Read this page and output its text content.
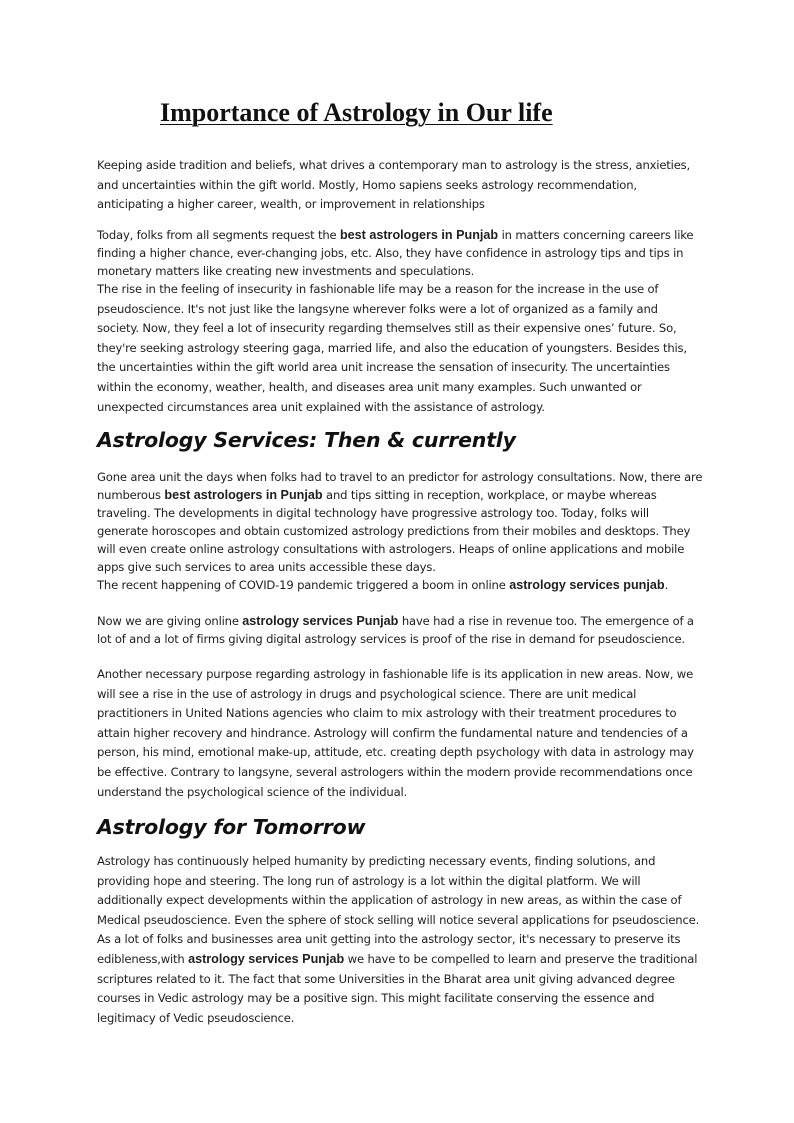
Importance of Astrology in Our life

Keeping aside tradition and beliefs, what drives a contemporary man to astrology is the stress, anxieties, and uncertainties within the gift world. Mostly, Homo sapiens seeks astrology recommendation, anticipating a higher career, wealth, or improvement in relationships

Today, folks from all segments request the best astrologers in Punjab in matters concerning careers like finding a higher chance, ever-changing jobs, etc. Also, they have confidence in astrology tips and tips in monetary matters like creating new investments and speculations.

The rise in the feeling of insecurity in fashionable life may be a reason for the increase in the use of pseudoscience. It's not just like the langsyne wherever folks were a lot of organized as a family and society. Now, they feel a lot of insecurity regarding themselves still as their expensive ones’ future. So, they're seeking astrology steering gaga, married life, and also the education of youngsters. Besides this, the uncertainties within the gift world area unit increase the sensation of insecurity. The uncertainties within the economy, weather, health, and diseases area unit many examples. Such unwanted or unexpected circumstances area unit explained with the assistance of astrology.

Astrology Services: Then & currently

Gone area unit the days when folks had to travel to an predictor for astrology consultations. Now, there are numberous best astrologers in Punjab and tips sitting in reception, workplace, or maybe whereas traveling. The developments in digital technology have progressive astrology too. Today, folks will generate horoscopes and obtain customized astrology predictions from their mobiles and desktops. They will even create online astrology consultations with astrologers. Heaps of online applications and mobile apps give such services to area units accessible these days.

The recent happening of COVID-19 pandemic triggered a boom in online astrology services punjab.

Now we are giving online astrology services Punjab have had a rise in revenue too. The emergence of a lot of and a lot of firms giving digital astrology services is proof of the rise in demand for pseudoscience.

Another necessary purpose regarding astrology in fashionable life is its application in new areas. Now, we will see a rise in the use of astrology in drugs and psychological science. There are unit medical practitioners in United Nations agencies who claim to mix astrology with their treatment procedures to attain higher recovery and hindrance. Astrology will confirm the fundamental nature and tendencies of a person, his mind, emotional make-up, attitude, etc. creating depth psychology with data in astrology may be effective. Contrary to langsyne, several astrologers within the modern provide recommendations once understand the psychological science of the individual.

Astrology for Tomorrow

Astrology has continuously helped humanity by predicting necessary events, finding solutions, and providing hope and steering. The long run of astrology is a lot within the digital platform. We will additionally expect developments within the application of astrology in new areas, as within the case of Medical pseudoscience. Even the sphere of stock selling will notice several applications for pseudoscience. As a lot of folks and businesses area unit getting into the astrology sector, it's necessary to preserve its edibleness,with astrology services Punjab we have to be compelled to learn and preserve the traditional scriptures related to it. The fact that some Universities in the Bharat area unit giving advanced degree courses in Vedic astrology may be a positive sign. This might facilitate conserving the essence and legitimacy of Vedic pseudoscience.
